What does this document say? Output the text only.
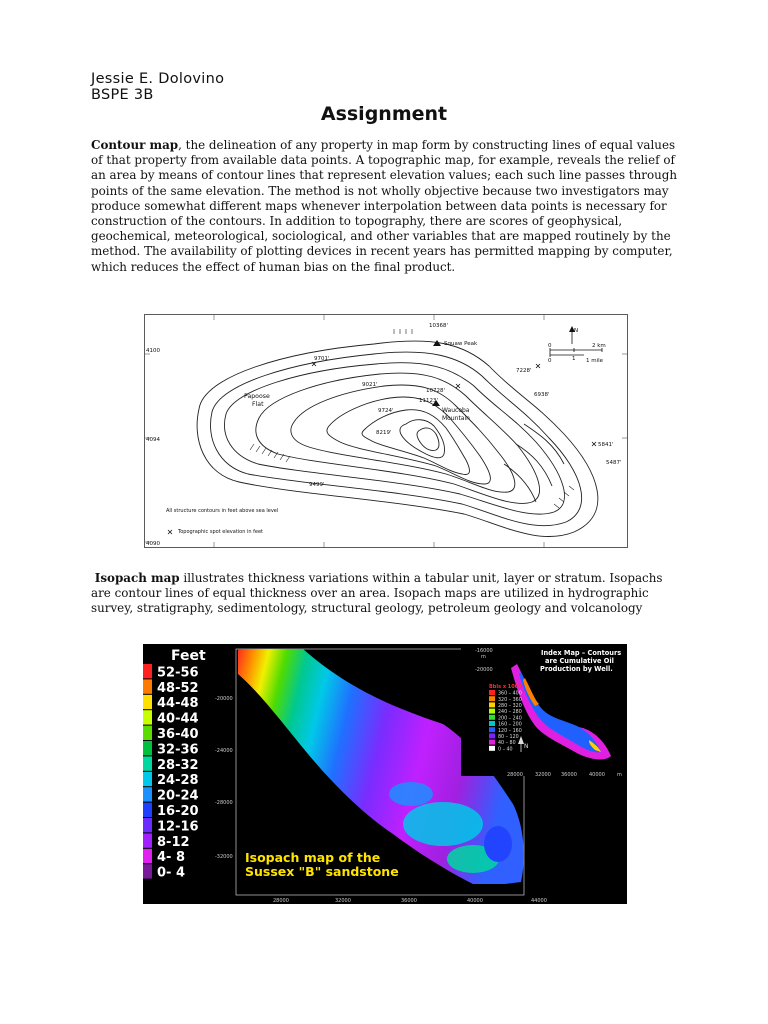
Jessie E. Dolovino
BSPE 3B
Assignment
Contour map, the delineation of any property in map form by constructing lines of equal values of that property from available data points. A topographic map, for example, reveals the relief of an area by means of contour lines that represent elevation values; each such line passes through points of the same elevation. The method is not wholly objective because two investigators may produce somewhat different maps whenever interpolation between data points is necessary for construction of the contours. In addition to topography, there are scores of geophysical, geochemical, meteorological, sociological, and other variables that are mapped routinely by the method. The availability of plotting devices in recent years has permitted mapping by computer, which reduces the effect of human bias on the final product.
10368'
Squaw Peak
Papoose
Flat
Waucoba
Mountain
11123'
10728'
9021'
9724'
9701'
8219'
7228'
6938'
5841'
5487'
9499'
4100
4094
4090
N
0	2 km
0	1 1 mile
All structure contours in feet above sea level
Topographic spot elevation in feet
Isopach map illustrates thickness variations within a tabular unit, layer or stratum. Isopachs are contour lines of equal thickness over an area. Isopach maps are utilized in hydrographic survey, stratigraphy, sedimentology, structural geology, petroleum geology and volcanology
Feet
52-56
48-52
44-48
40-44
36-40
32-36
28-32
24-28
20-24
16-20
12-16
8-12
4- 8
0- 4
-20000
-24000
-28000
-32000
28000	32000	36000	40000	44000
Isopach map of the
Sussex "B" sandstone
-16000
m
-20000
28000 32000 36000 40000 m
Index Map – Contours
are Cumulative Oil
Production by Well.
Bbls x 1000
360 – 400
320 – 360
280 – 320
240 – 280
200 – 240
160 – 200
120 – 160
80 – 120
40 – 80
0 – 40 N
